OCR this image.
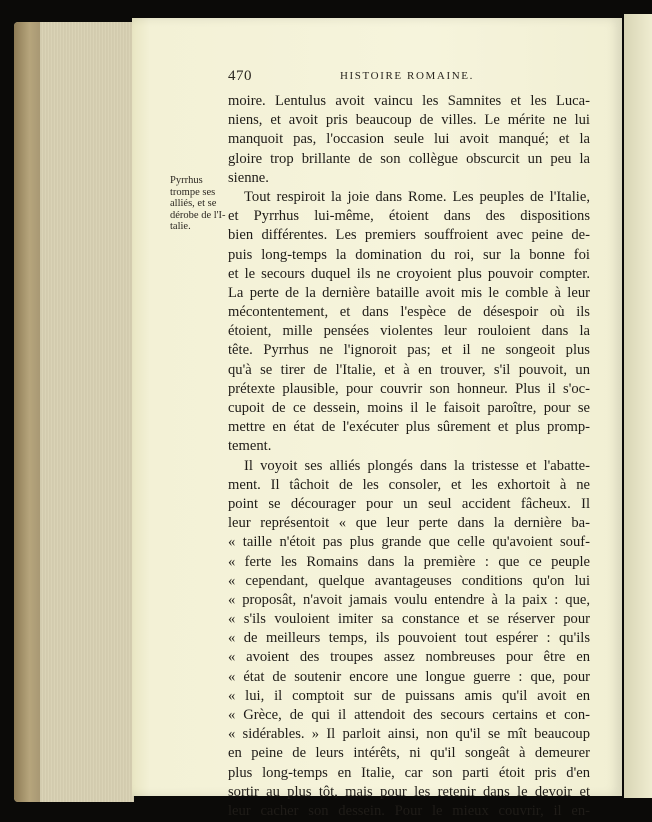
470	HISTOIRE ROMAINE.
Pyrrhus
trompe ses
alliés, et se
dérobe de l'I-
talie.
moire. Lentulus avoit vaincu les Samnites et les Luca-
niens, et avoit pris beaucoup de villes. Le mérite ne lui
manquoit pas, l'occasion seule lui avoit manqué; et la
gloire trop brillante de son collègue obscurcit un peu la
sienne.
Tout respiroit la joie dans Rome. Les peuples de l'Italie,
et Pyrrhus lui-même, étoient dans des dispositions
bien différentes. Les premiers souffroient avec peine de-
puis long-temps la domination du roi, sur la bonne foi
et le secours duquel ils ne croyoient plus pouvoir compter.
La perte de la dernière bataille avoit mis le comble à leur
mécontentement, et dans l'espèce de désespoir où ils
étoient, mille pensées violentes leur rouloient dans la
tête. Pyrrhus ne l'ignoroit pas; et il ne songeoit plus
qu'à se tirer de l'Italie, et à en trouver, s'il pouvoit, un
prétexte plausible, pour couvrir son honneur. Plus il s'oc-
cupoit de ce dessein, moins il le faisoit paroître, pour se
mettre en état de l'exécuter plus sûrement et plus promp-
tement.
Il voyoit ses alliés plongés dans la tristesse et l'abatte-
ment. Il tâchoit de les consoler, et les exhortoit à ne
point se décourager pour un seul accident fâcheux. Il
leur représentoit « que leur perte dans la dernière ba-
« taille n'étoit pas plus grande que celle qu'avoient souf-
« ferte les Romains dans la première : que ce peuple
« cependant, quelque avantageuses conditions qu'on lui
« proposât, n'avoit jamais voulu entendre à la paix : que,
« s'ils vouloient imiter sa constance et se réserver pour
« de meilleurs temps, ils pouvoient tout espérer : qu'ils
« avoient des troupes assez nombreuses pour être en
« état de soutenir encore une longue guerre : que, pour
« lui, il comptoit sur de puissans amis qu'il avoit en
« Grèce, de qui il attendoit des secours certains et con-
« sidérables. » Il parloit ainsi, non qu'il se mît beaucoup
en peine de leurs intérêts, ni qu'il songeât à demeurer
plus long-temps en Italie, car son parti étoit pris d'en
sortir au plus tôt, mais pour les retenir dans le devoir et
leur cacher son dessein. Pour le mieux couvrir, il en-
